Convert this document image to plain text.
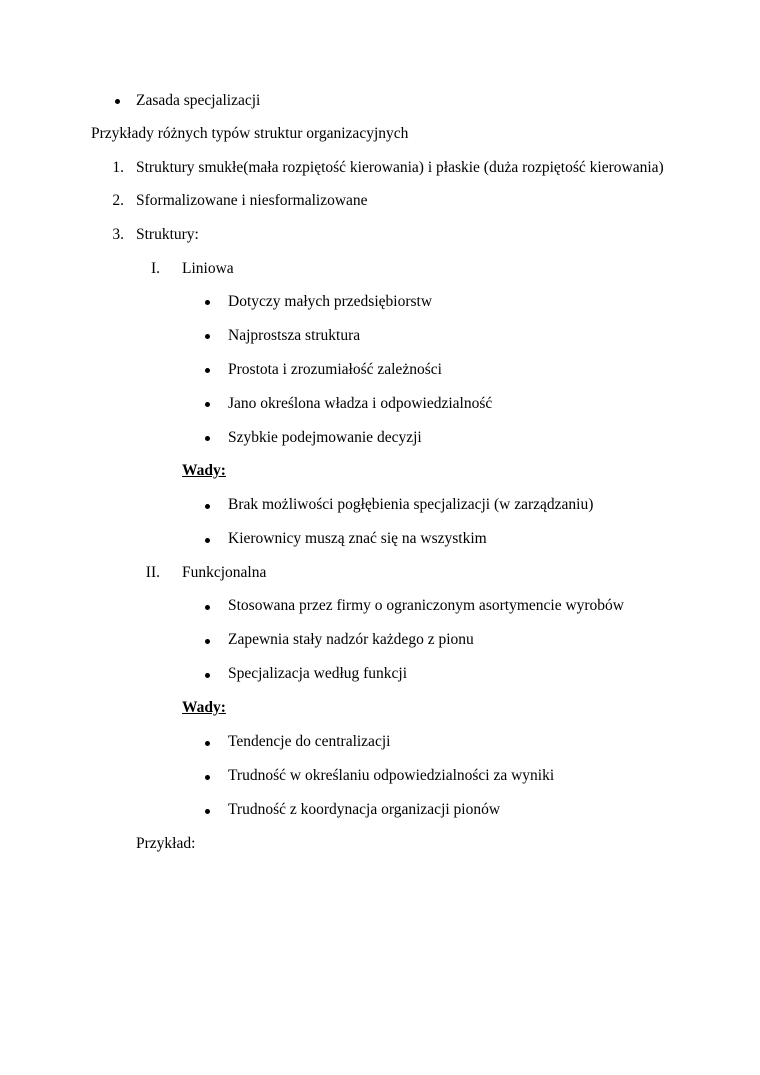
Zasada specjalizacji
Przykłady różnych typów struktur organizacyjnych
1. Struktury smukłe(mała rozpiętość kierowania) i płaskie (duża rozpiętość kierowania)
2. Sformalizowane i niesformalizowane
3. Struktury:
I. Liniowa
Dotyczy małych przedsiębiorstw
Najprostsza struktura
Prostota i zrozumiałość zależności
Jano określona władza i odpowiedzialność
Szybkie podejmowanie decyzji
Wady:
Brak możliwości pogłębienia specjalizacji (w zarządzaniu)
Kierownicy muszą znać się na wszystkim
II. Funkcjonalna
Stosowana przez firmy o ograniczonym asortymencie wyrobów
Zapewnia stały nadzór każdego z pionu
Specjalizacja według funkcji
Wady:
Tendencje do centralizacji
Trudność w określaniu odpowiedzialności za wyniki
Trudność z koordynacja organizacji pionów
Przykład:
